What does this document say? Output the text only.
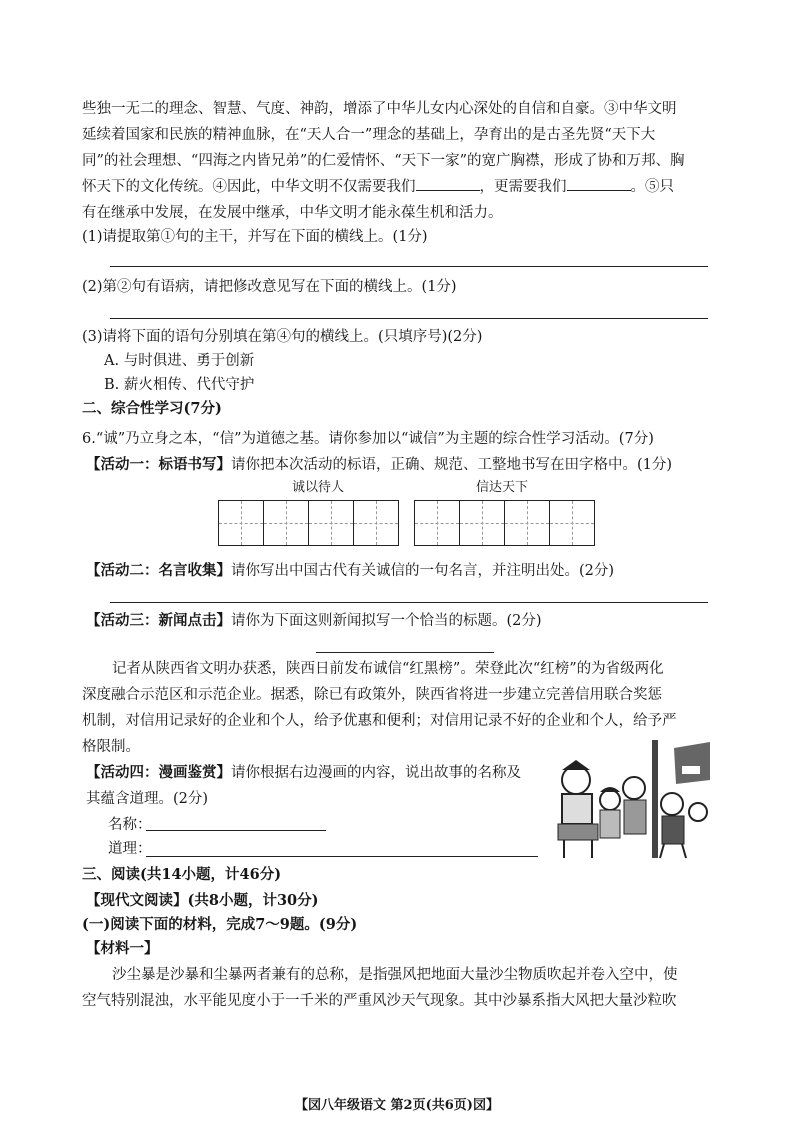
些独一无二的理念、智慧、气度、神韵，增添了中华儿女内心深处的自信和自豪。③中华文明
延续着国家和民族的精神血脉，在“天人合一”理念的基础上，孕育出的是古圣先贤“天下大
同”的社会理想、“四海之内皆兄弟”的仁爱情怀、“天下一家”的宽广胸襟，形成了协和万邦、胸
怀天下的文化传统。④因此，中华文明不仅需要我们	，更需要我们	。⑤只
有在继承中发展，在发展中继承，中华文明才能永葆生机和活力。
(1)请提取第①句的主干，并写在下面的横线上。(1分)
(2)第②句有语病，请把修改意见写在下面的横线上。(1分)
(3)请将下面的语句分别填在第④句的横线上。(只填序号)(2分)
A. 与时俱进、勇于创新
B. 薪火相传、代代守护
二、综合性学习(7分)
6.“诚”乃立身之本，“信”为道德之基。请你参加以“诚信”为主题的综合性学习活动。(7分)
【活动一：标语书写】请你把本次活动的标语，正确、规范、工整地书写在田字格中。(1分)
诚以待人	信达天下
【活动二：名言收集】请你写出中国古代有关诚信的一句名言，并注明出处。(2分)
【活动三：新闻点击】请你为下面这则新闻拟写一个恰当的标题。(2分)
记者从陕西省文明办获悉，陕西日前发布诚信“红黑榜”。荣登此次“红榜”的为省级两化
深度融合示范区和示范企业。据悉，除已有政策外，陕西省将进一步建立完善信用联合奖惩
机制，对信用记录好的企业和个人，给予优惠和便利；对信用记录不好的企业和个人，给予严
格限制。
【活动四：漫画鉴赏】请你根据右边漫画的内容，说出故事的名称及
其蕴含道理。(2分)
名称：
道理：
三、阅读(共14小题，计46分)
【现代文阅读】(共8小题，计30分)
(一)阅读下面的材料，完成7～9题。(9分)
【材料一】
沙尘暴是沙暴和尘暴两者兼有的总称，是指强风把地面大量沙尘物质吹起并卷入空中，使
空气特别混浊，水平能见度小于一千米的严重风沙天气现象。其中沙暴系指大风把大量沙粒吹
【㘝八年级语文 第2页(共6页)㘝】
